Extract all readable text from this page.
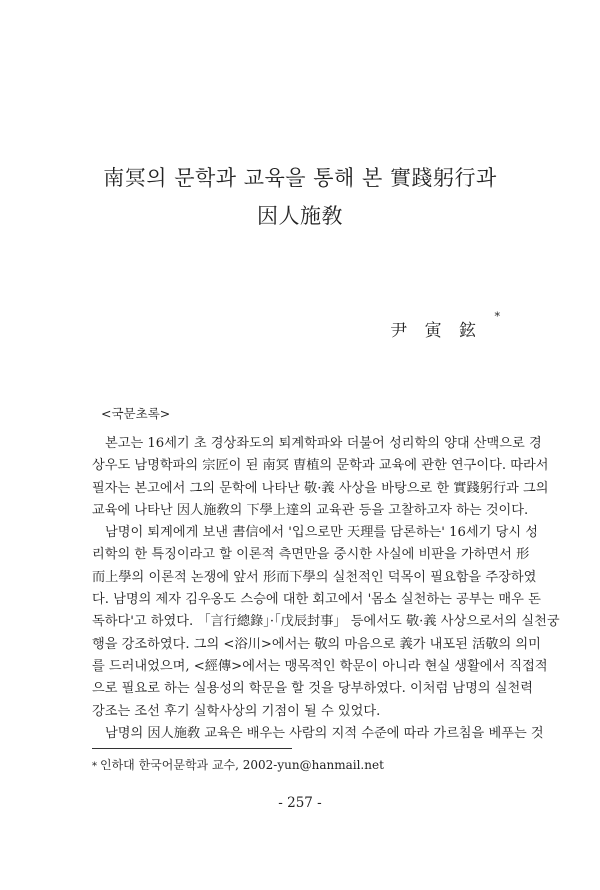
南冥의 문학과 교육을 통해 본 實踐躬行과
因人施敎
尹 寅 鉉
*
<국문초록>

본고는 16세기 초 경상좌도의 퇴계학파와 더불어 성리학의 양대 산맥으로 경
상우도 남명학파의 宗匠이 된 南冥 曺植의 문학과 교육에 관한 연구이다. 따라서
필자는 본고에서 그의 문학에 나타난 敬·義 사상을 바탕으로 한 實踐躬行과 그의
교육에 나타난 因人施敎의 下學上達의 교육관 등을 고찰하고자 하는 것이다.

남명이 퇴계에게 보낸 書信에서 '입으로만 天理를 담론하는' 16세기 당시 성
리학의 한 특징이라고 할 이론적 측면만을 중시한 사실에 비판을 가하면서 形
而上學의 이론적 논쟁에 앞서 形而下學의 실천적인 덕목이 필요함을 주장하였
다. 남명의 제자 김우옹도 스승에 대한 회고에서 '몸소 실천하는 공부는 매우 돈
독하다'고 하였다. 「言行總錄」·「戊辰封事」 등에서도 敬·義 사상으로서의 실천궁
행을 강조하였다. 그의 <浴川>에서는 敬의 마음으로 義가 내포된 活敬의 의미
를 드러내었으며, <經傳>에서는 맹목적인 학문이 아니라 현실 생활에서 직접적
으로 필요로 하는 실용성의 학문을 할 것을 당부하였다. 이처럼 남명의 실천력
강조는 조선 후기 실학사상의 기점이 될 수 있었다.

남명의 因人施敎 교육은 배우는 사람의 지적 수준에 따라 가르침을 베푸는 것

* 인하대 한국어문학과 교수, 2002-yun@hanmail.net
- 257 -
